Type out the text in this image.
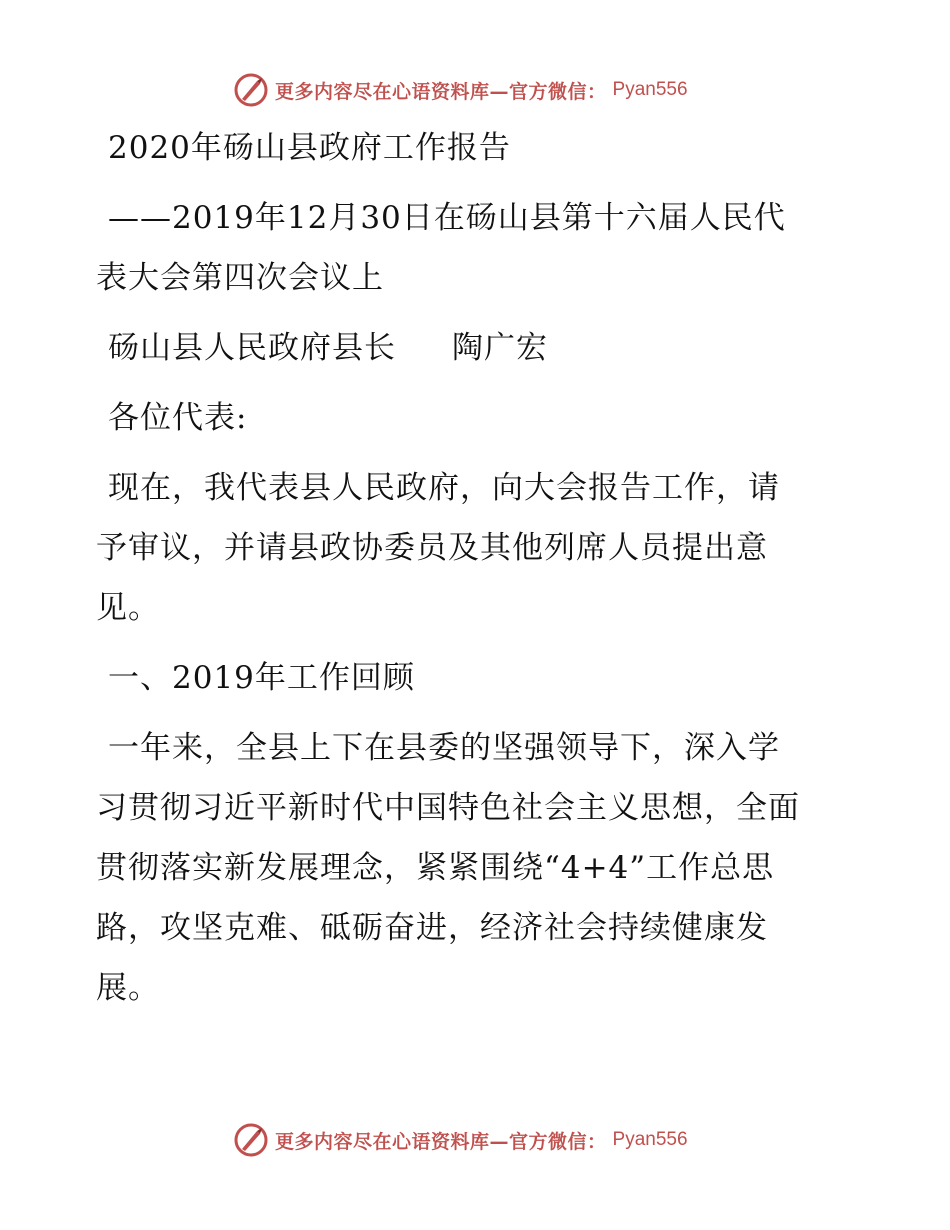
更多内容尽在心语资料库—官方微信： Pyan556
2020年砀山县政府工作报告
——2019年12月30日在砀山县第十六届人民代
表大会第四次会议上
砀山县人民政府县长 陶广宏
各位代表:
现在，我代表县人民政府，向大会报告工作，请
予审议，并请县政协委员及其他列席人员提出意
见。
一、2019年工作回顾
一年来，全县上下在县委的坚强领导下，深入学
习贯彻习近平新时代中国特色社会主义思想，全面
贯彻落实新发展理念，紧紧围绕“4+4”工作总思
路，攻坚克难、砥砺奋进，经济社会持续健康发
展。
更多内容尽在心语资料库—官方微信： Pyan556
